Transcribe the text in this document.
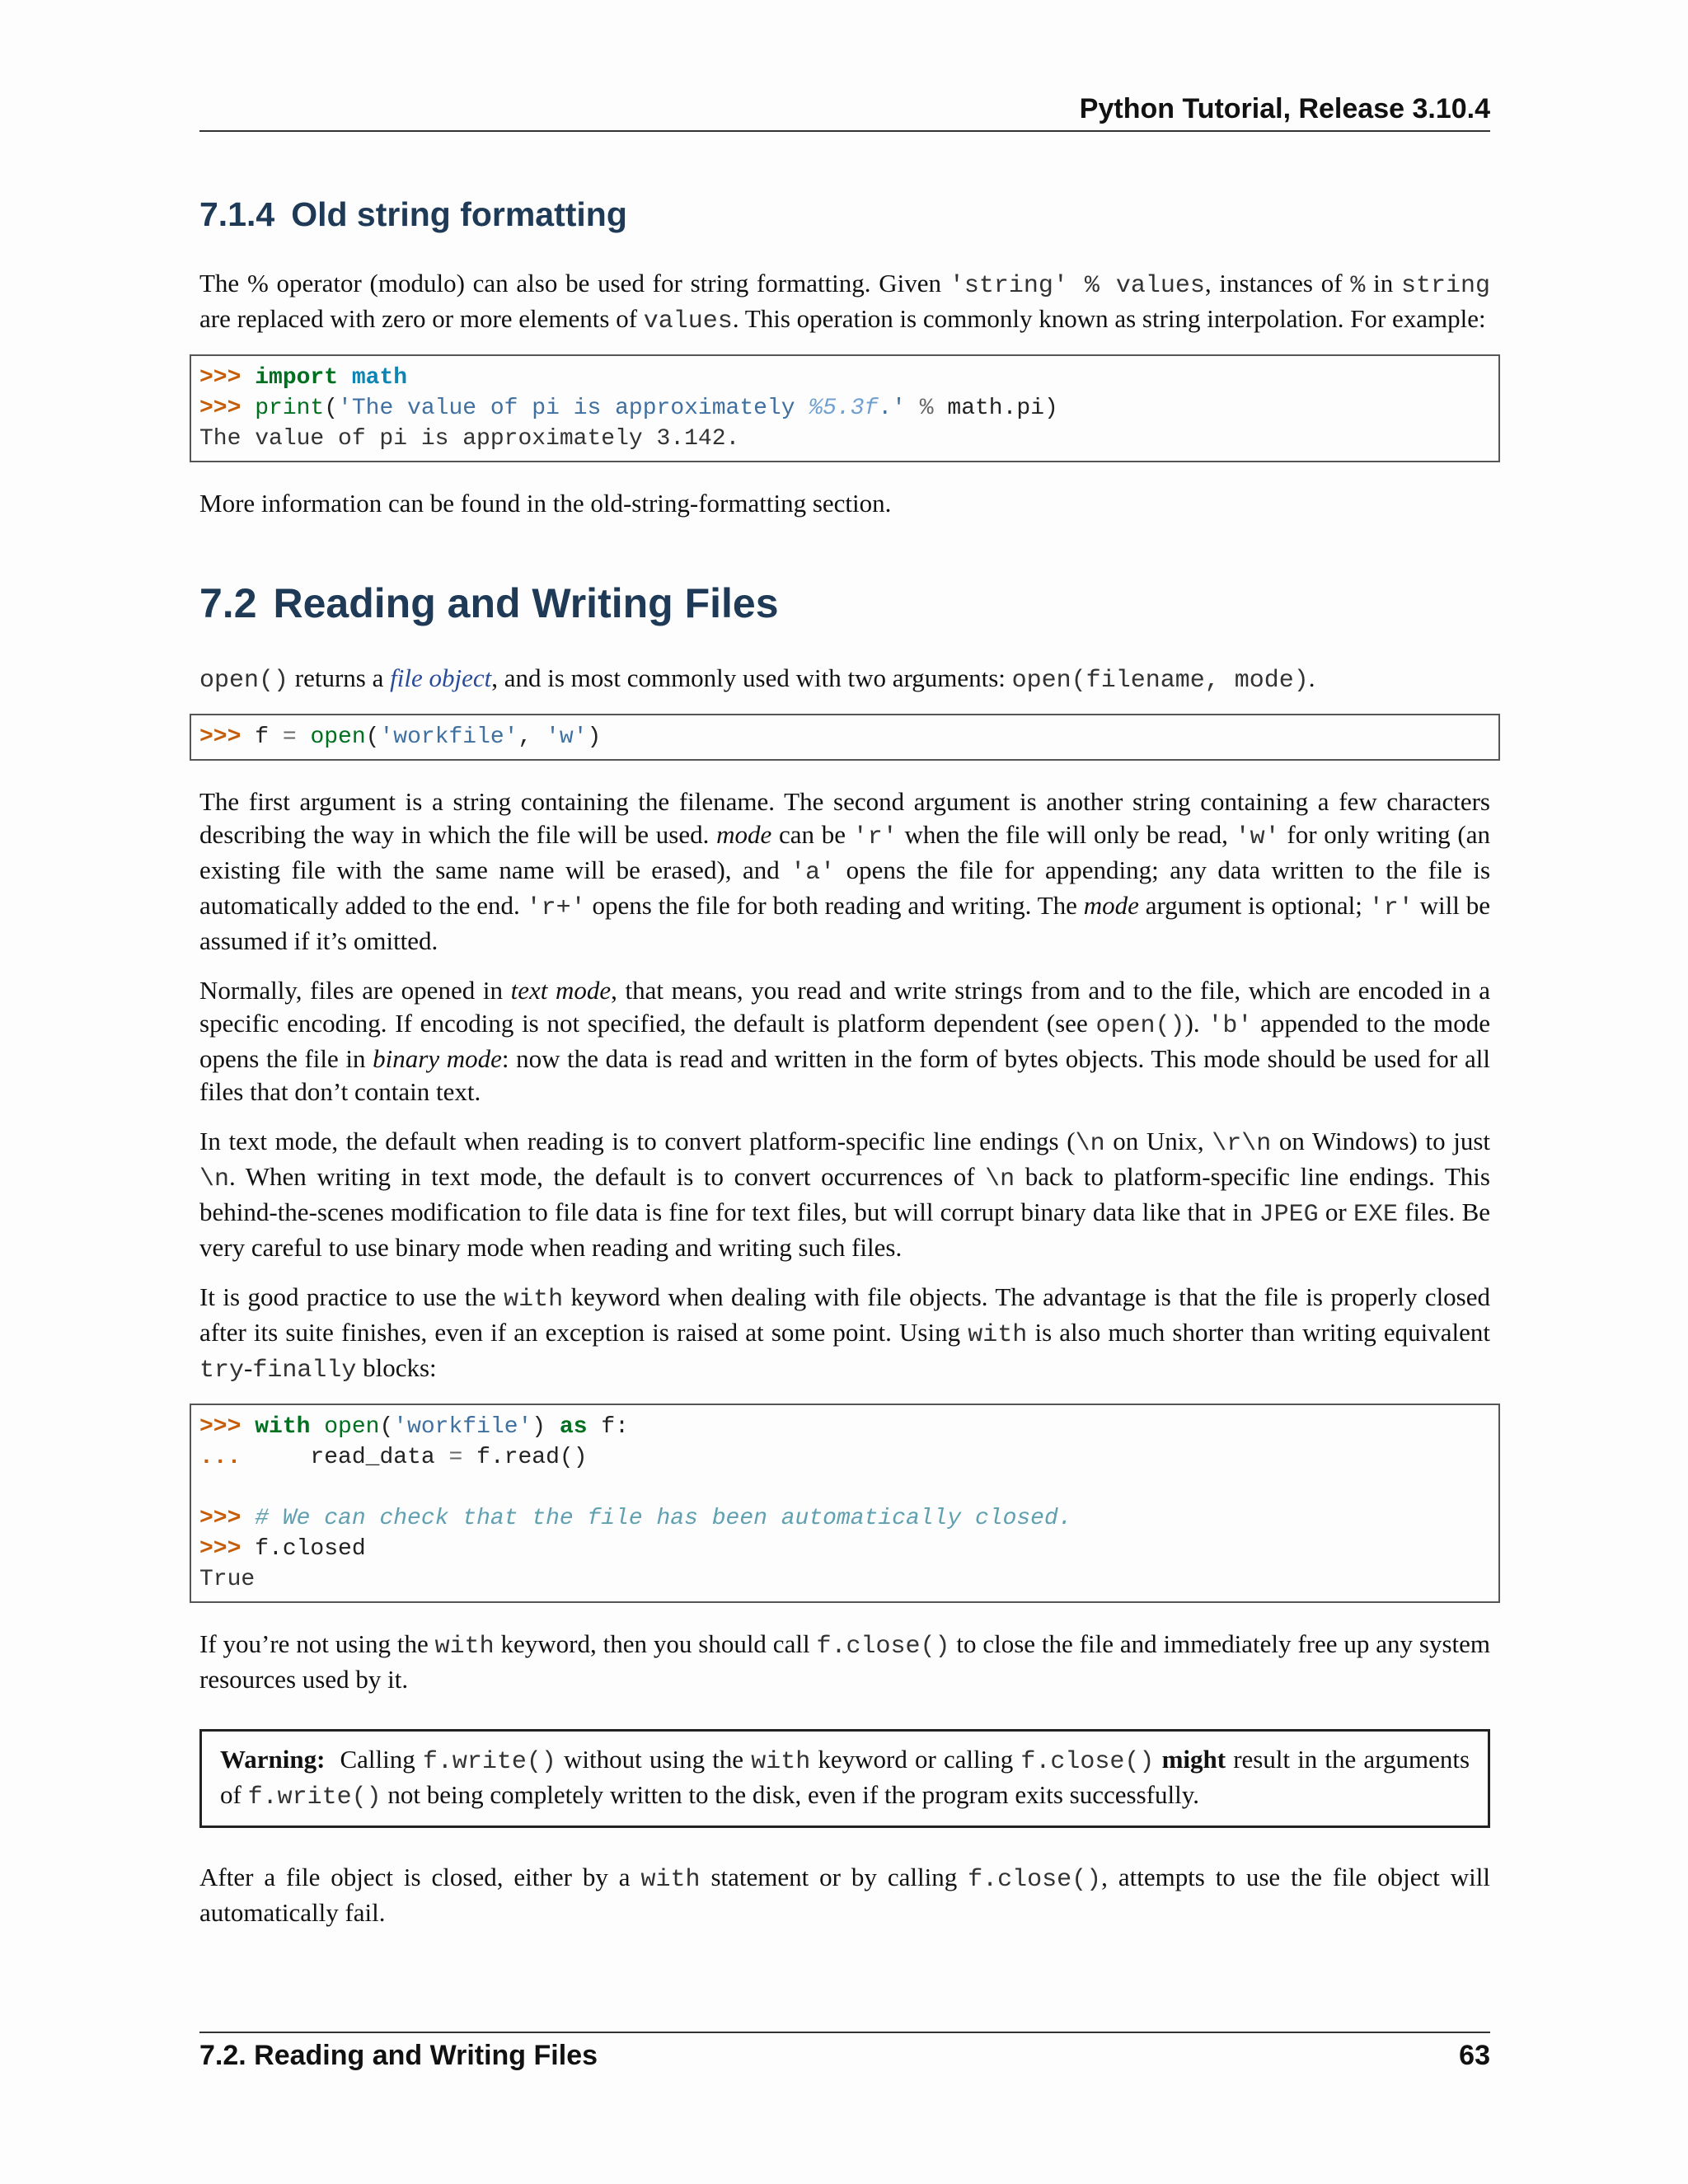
Python Tutorial, Release 3.10.4
7.1.4 Old string formatting

The % operator (modulo) can also be used for string formatting. Given 'string' % values, instances of % in string are replaced with zero or more elements of values. This operation is commonly known as string interpolation. For example:

>>> import math
>>> print('The value of pi is approximately %5.3f.' % math.pi)
The value of pi is approximately 3.142.

More information can be found in the old-string-formatting section.

7.2 Reading and Writing Files

open() returns a file object, and is most commonly used with two arguments: open(filename, mode).

>>> f = open('workfile', 'w')

The first argument is a string containing the filename. The second argument is another string containing a few characters describing the way in which the file will be used. mode can be 'r' when the file will only be read, 'w' for only writing (an existing file with the same name will be erased), and 'a' opens the file for appending; any data written to the file is automatically added to the end. 'r+' opens the file for both reading and writing. The mode argument is optional; 'r' will be assumed if it’s omitted.

Normally, files are opened in text mode, that means, you read and write strings from and to the file, which are encoded in a specific encoding. If encoding is not specified, the default is platform dependent (see open()). 'b' appended to the mode opens the file in binary mode: now the data is read and written in the form of bytes objects. This mode should be used for all files that don’t contain text.

In text mode, the default when reading is to convert platform-specific line endings (\n on Unix, \r\n on Windows) to just \n. When writing in text mode, the default is to convert occurrences of \n back to platform-specific line endings. This behind-the-scenes modification to file data is fine for text files, but will corrupt binary data like that in JPEG or EXE files. Be very careful to use binary mode when reading and writing such files.

It is good practice to use the with keyword when dealing with file objects. The advantage is that the file is properly closed after its suite finishes, even if an exception is raised at some point. Using with is also much shorter than writing equivalent try-finally blocks:

>>> with open('workfile') as f:
...     read_data = f.read()

>>> # We can check that the file has been automatically closed.
>>> f.closed
True

If you’re not using the with keyword, then you should call f.close() to close the file and immediately free up any system resources used by it.

Warning: Calling f.write() without using the with keyword or calling f.close() might result in the arguments of f.write() not being completely written to the disk, even if the program exits successfully.

After a file object is closed, either by a with statement or by calling f.close(), attempts to use the file object will automatically fail.

7.2. Reading and Writing Files	63
